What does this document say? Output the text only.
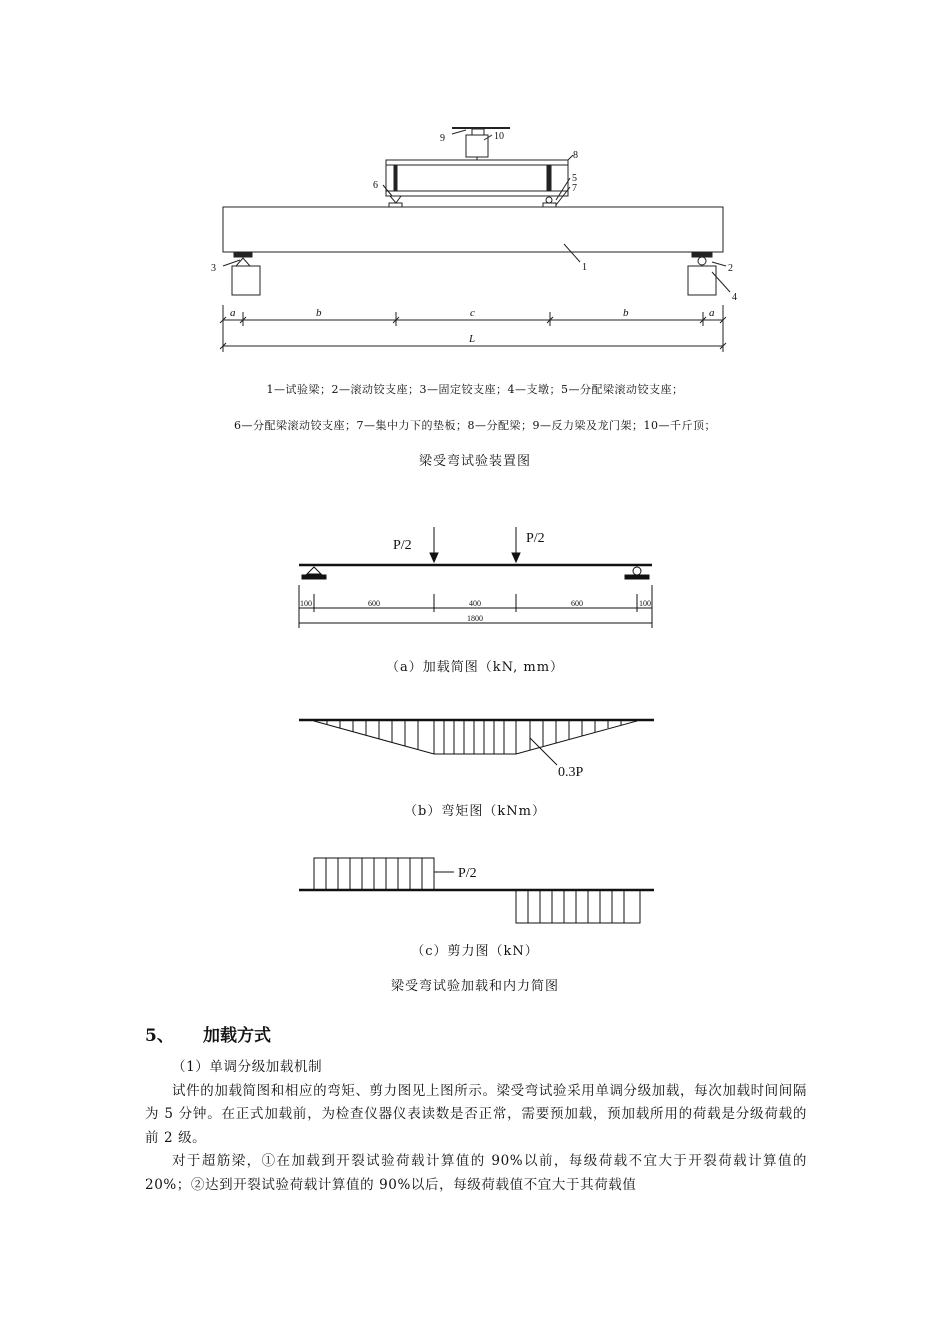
1	2
3
4
5
6	7
8
9	10
a	b	c	b	a
L
1—试验梁；2—滚动铰支座；3—固定铰支座；4—支墩；5—分配梁滚动铰支座；
6—分配梁滚动铰支座；7—集中力下的垫板；8—分配梁；9—反力梁及龙门架；10—千斤顶；
梁受弯试验装置图
P/2	P/2
100	600	400	600	100
1800
（a）加载简图（kN, mm）
0.3P
（b）弯矩图（kNm）
P/2
（c）剪力图（kN）
梁受弯试验加载和内力简图
5、 加载方式

（1）单调分级加载机制

试件的加载简图和相应的弯矩、剪力图见上图所示。梁受弯试验采用单调分级加载，每次加载时间间隔为 5 分钟。在正式加载前，为检查仪器仪表读数是否正常，需要预加载，预加载所用的荷载是分级荷载的前 2 级。

对于超筋梁，①在加载到开裂试验荷载计算值的 90%以前，每级荷载不宜大于开裂荷载计算值的 20%；②达到开裂试验荷载计算值的 90%以后，每级荷载值不宜大于其荷载值
